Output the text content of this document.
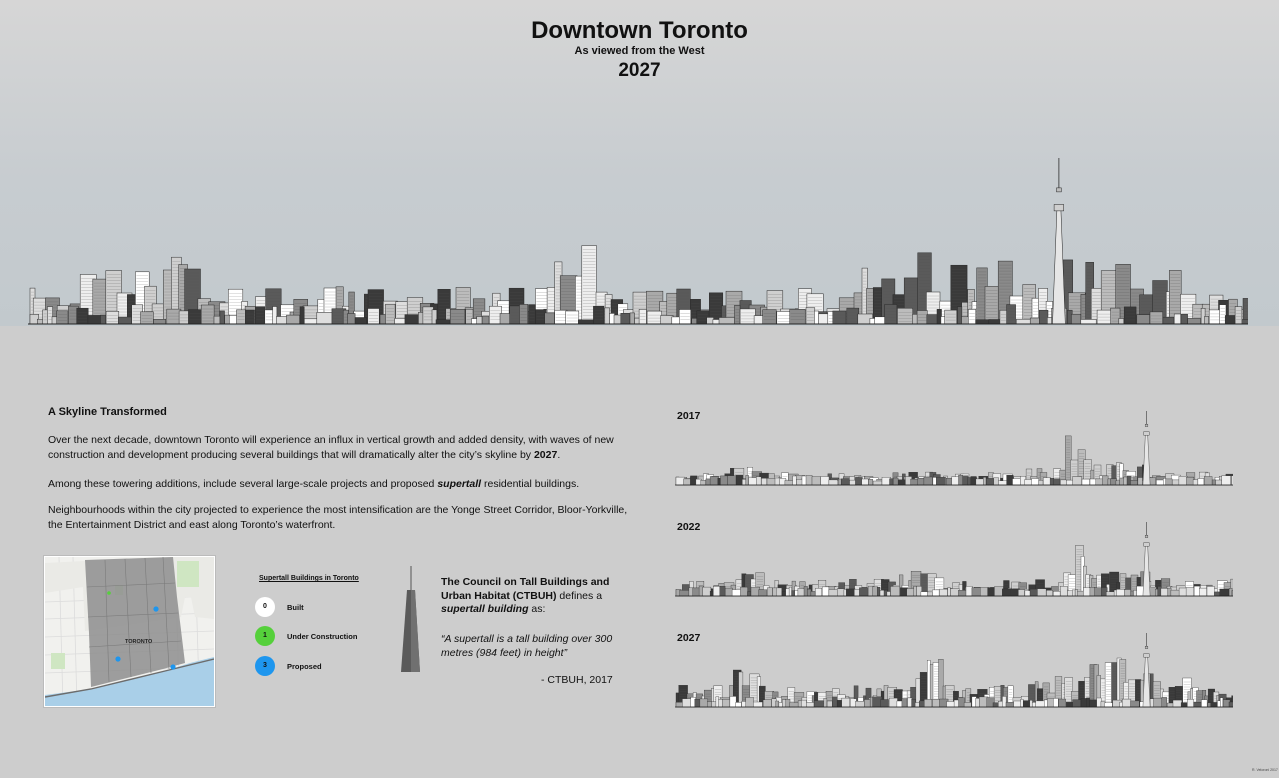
Downtown Toronto
As viewed from the West
2027
A Skyline Transformed
Over the next decade, downtown Toronto will experience an influx in vertical growth and added density, with waves of new construction and development producing several buildings that will dramatically alter the city’s skyline by 2027.
Among these towering additions, include several large-scale projects and proposed supertall residential buildings.
Neighbourhoods within the city projected to experience the most intensification are the Yonge Street Corridor, Bloor-Yorkville, the Entertainment District and east along Toronto’s waterfront.
TORONTO
Supertall Buildings in Toronto
0	Built
1	Under Construction
3	Proposed
The Council on Tall Buildings and Urban Habitat (CTBUH) defines a supertall building as:
“A supertall is a tall building over 300 metres (984 feet) in height”
- CTBUH, 2017
2017
2022
2027
R. Veloroni 2017
